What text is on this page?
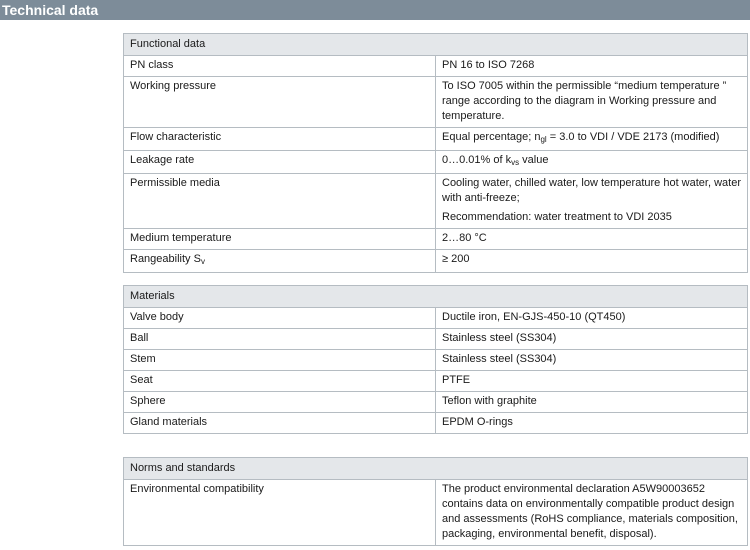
Technical data
Functional data	
PN class	PN 16 to ISO 7268
Working pressure	To ISO 7005 within the permissible “medium temperature ” range according to the diagram in Working pressure and temperature.
Flow characteristic	Equal percentage; $n_{gl} = 3.0$ to VDI / VDE 2173 (modified)
Leakage rate	0…0.01% of $k_{vs}$ value
Permissible media	Cooling water, chilled water, low temperature hot water, water with anti-freeze;
Recommendation: water treatment to VDI 2035
Medium temperature	2…80 °C
Rangeability $S_v$	≥ 200
Materials	
Valve body	Ductile iron, EN-GJS-450-10 (QT450)
Ball	Stainless steel (SS304)
Stem	Stainless steel (SS304)
Seat	PTFE
Sphere	Teflon with graphite
Gland materials	EPDM O-rings
Norms and standards
Environmental compatibility	The product environmental declaration A5W90003652 contains data on environmentally compatible product design and assessments (RoHS compliance, materials composition, packaging, environmental benefit, disposal).
